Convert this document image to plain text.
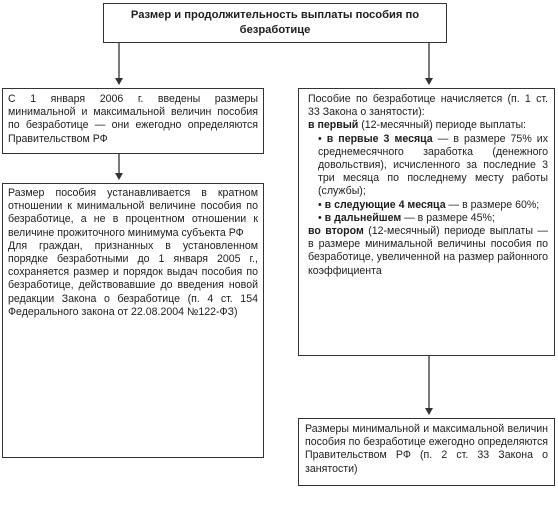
Размер и продолжительность выплаты пособия по безработице
С 1 января 2006 г. введены размеры минимальной и максимальной величин пособия по безработице — они ежегодно определяются Правительством РФ

Размер пособия устанавливается в кратном отношении к минимальной величине пособия по безработице, а не в процентном отношении к величине прожиточного минимума субъекта РФ

Для граждан, признанных в установленном порядке безработными до 1 января 2005 г., сохраняется размер и порядок выдач пособия по безработице, действовавшие до введения новой редакции Закона о безработице (п. 4 ст. 154 Федерального закона от 22.08.2004 №122-ФЗ)

Пособие по безработице начисляется (п. 1 ст. 33 Закона о занятости):

в первый (12-месячный) периоде выплаты:

• в первые 3 месяца — в размере 75% их среднемесячного заработка (денежного довольствия), исчисленного за последние 3 три месяца по последнему месту работы (службы);

• в следующие 4 месяца — в размере 60%;

• в дальнейшем — в размере 45%;

во втором (12-месячный) периоде выплаты — в размере минимальной величины пособия по безработице, увеличенной на размер районного коэффициента

Размеры минимальной и максимальной величин пособия по безработице ежегодно определяются Правительством РФ (п. 2 ст. 33 Закона о занятости)
